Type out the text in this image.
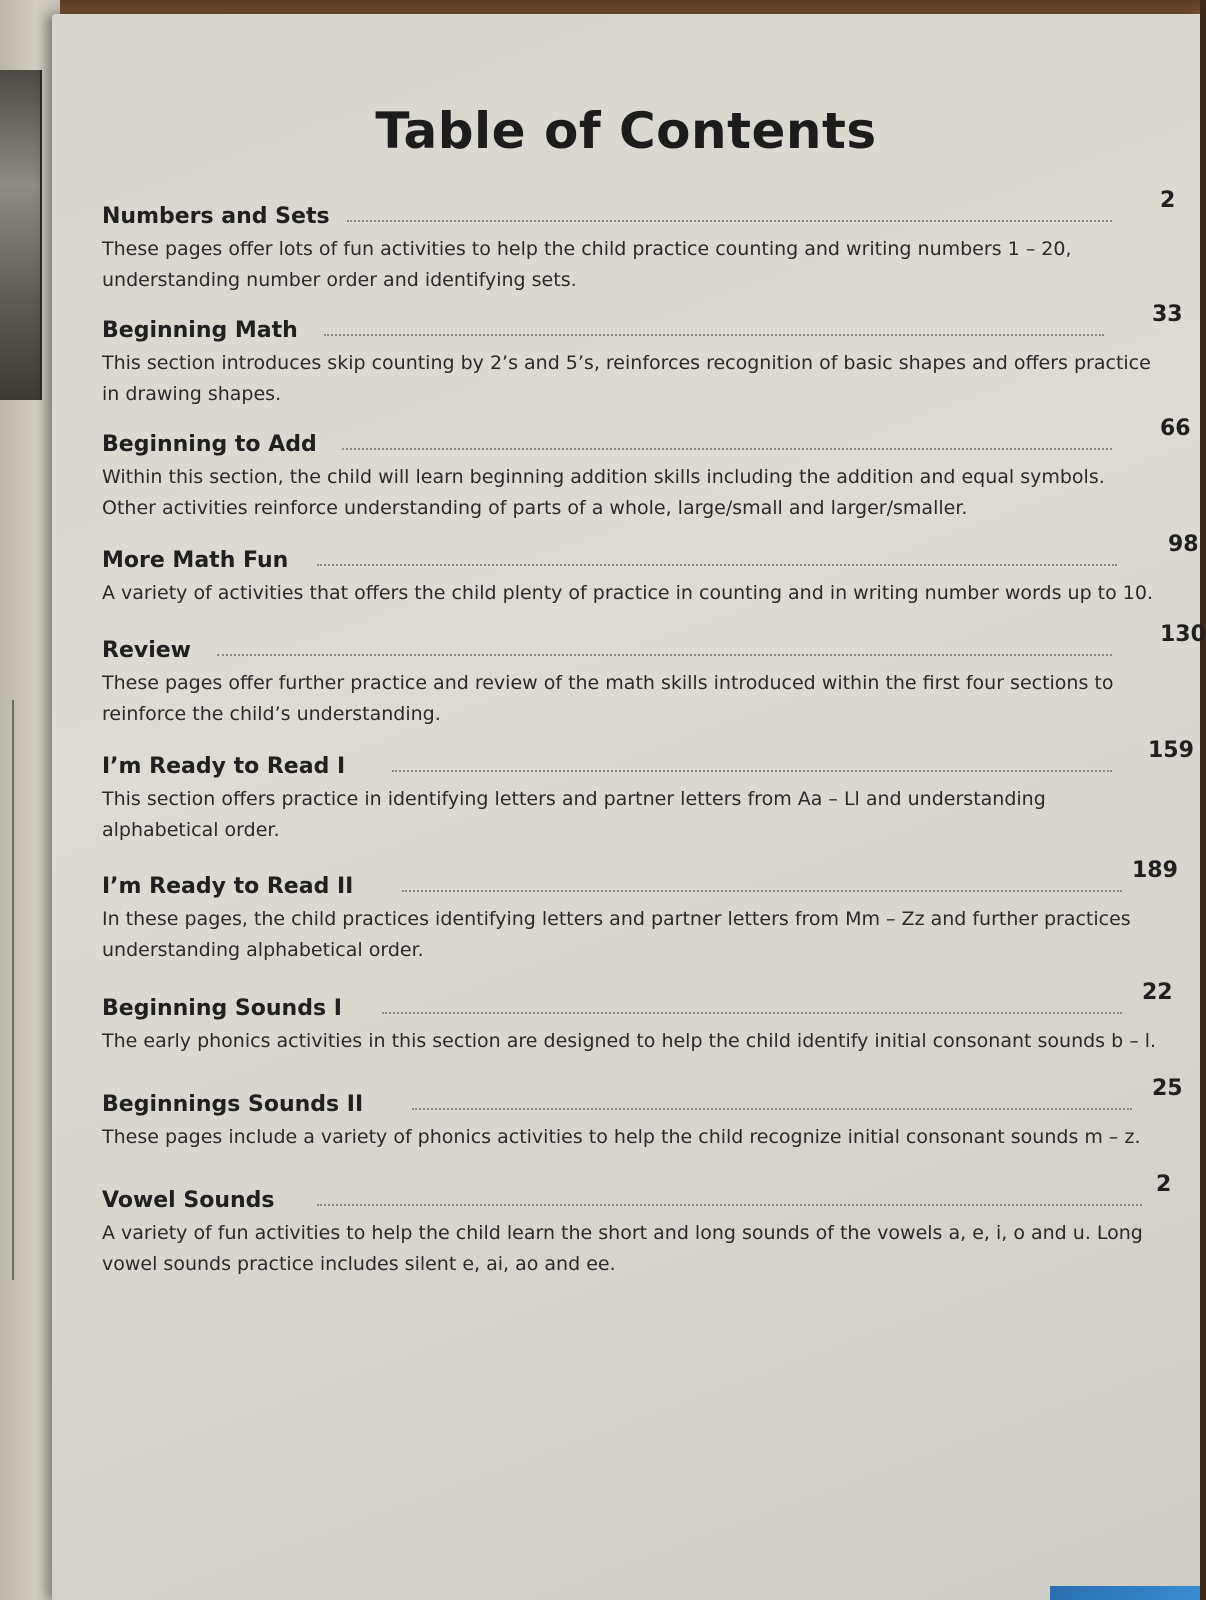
Table of Contents
Numbers and Sets
2
These pages offer lots of fun activities to help the child practice counting and writing numbers 1 – 20, understanding number order and identifying sets.
Beginning Math
33
This section introduces skip counting by 2’s and 5’s, reinforces recognition of basic shapes and offers practice in drawing shapes.
Beginning to Add
66
Within this section, the child will learn beginning addition skills including the addition and equal symbols. Other activities reinforce understanding of parts of a whole, large/small and larger/smaller.
More Math Fun
98
A variety of activities that offers the child plenty of practice in counting and in writing number words up to 10.
Review
130
These pages offer further practice and review of the math skills introduced within the first four sections to reinforce the child’s understanding.
I’m Ready to Read I
159
This section offers practice in identifying letters and partner letters from Aa – Ll and understanding alphabetical order.
I’m Ready to Read II
189
In these pages, the child practices identifying letters and partner letters from Mm – Zz and further practices understanding alphabetical order.
Beginning Sounds I
22
The early phonics activities in this section are designed to help the child identify initial consonant sounds b – l.
Beginnings Sounds II
25
These pages include a variety of phonics activities to help the child recognize initial consonant sounds m – z.
Vowel Sounds
2
A variety of fun activities to help the child learn the short and long sounds of the vowels a, e, i, o and u. Long vowel sounds practice includes silent e, ai, ao and ee.
